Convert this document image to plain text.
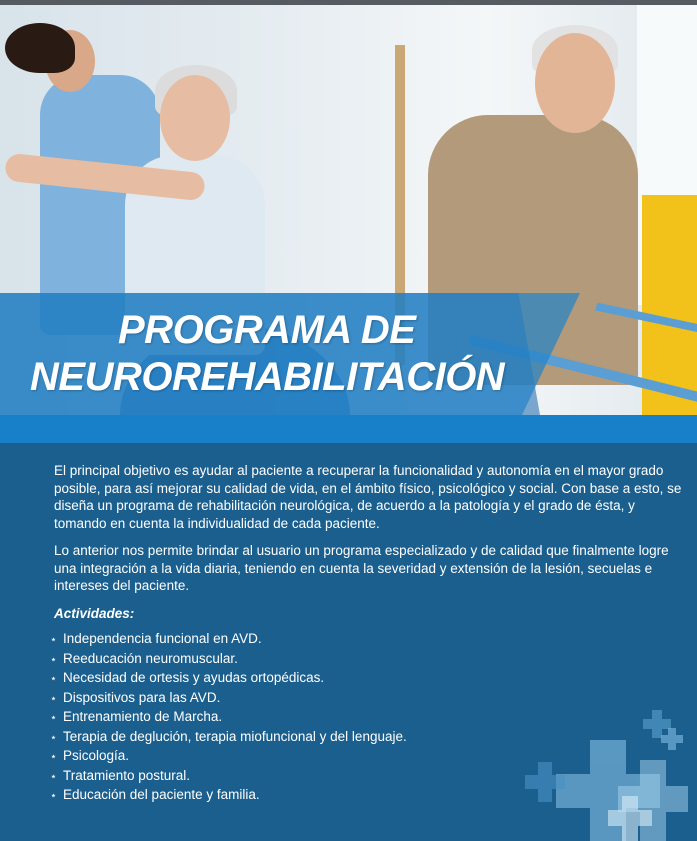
PROGRAMA DE
NEUROREHABILITACIÓN

El principal objetivo es ayudar al paciente a recuperar la funcionalidad y autonomía en el mayor grado posible, para así mejorar su calidad de vida, en el ámbito físico, psicológico y social. Con base a esto, se diseña un programa de rehabilitación neurológica, de acuerdo a la patología y el grado de ésta, y tomando en cuenta la individualidad de cada paciente.

Lo anterior nos permite brindar al usuario un programa especializado y de calidad que finalmente logre una integración a la vida diaria, teniendo en cuenta la severidad y extensión de la lesión, secuelas e intereses del paciente.

Actividades:
⋆ Independencia funcional en AVD.
⋆ Reeducación neuromuscular.
⋆ Necesidad de ortesis y ayudas ortopédicas.
⋆ Dispositivos para las AVD.
⋆ Entrenamiento de Marcha.
⋆ Terapia de deglución, terapia miofuncional y del lenguaje.
⋆ Psicología.
⋆ Tratamiento postural.
⋆ Educación del paciente y familia.
